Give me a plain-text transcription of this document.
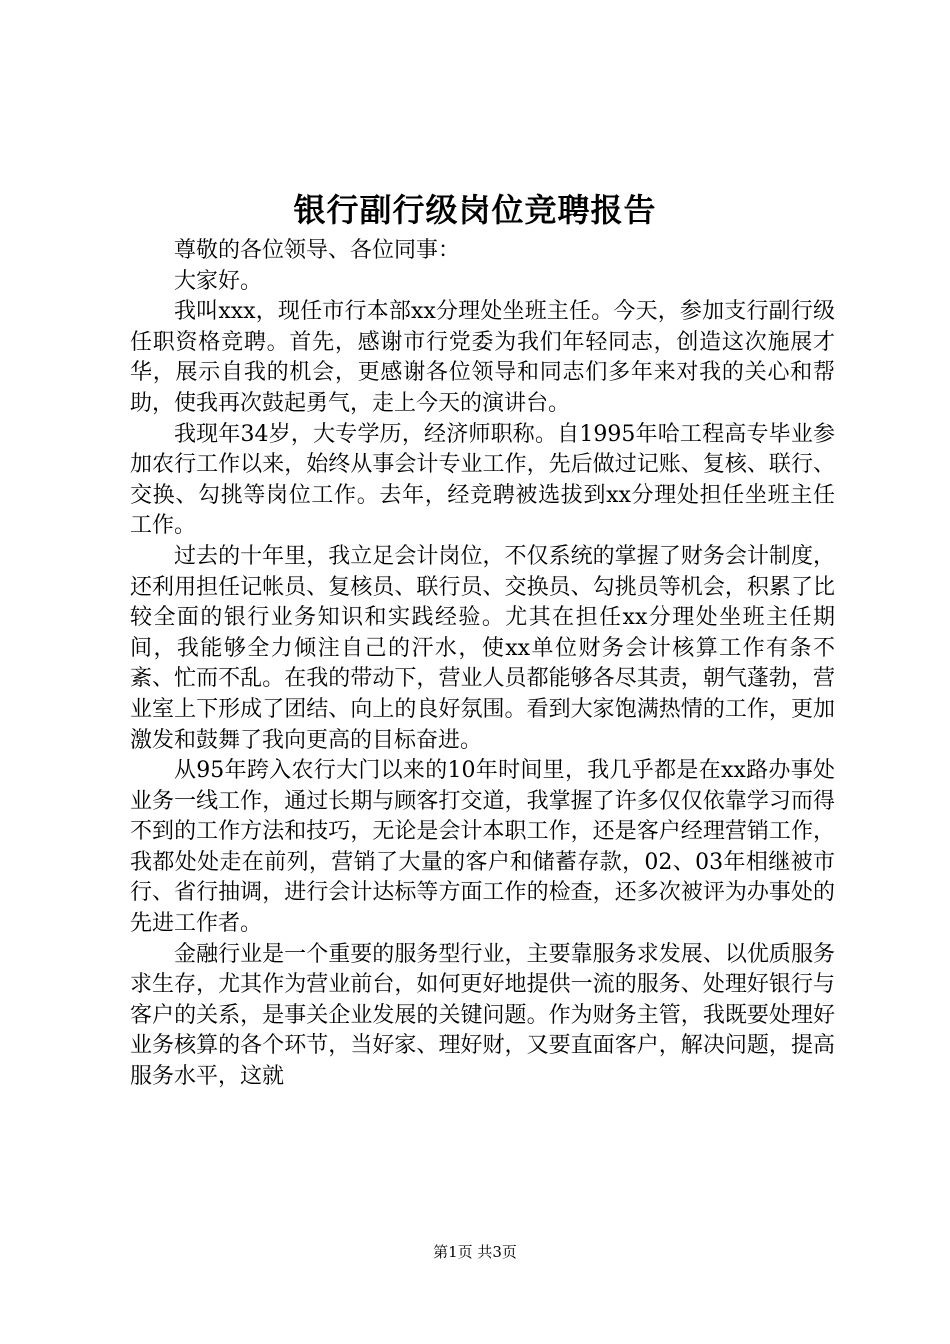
银行副行级岗位竞聘报告

尊敬的各位领导、各位同事：

大家好。

我叫xxx，现任市行本部xx分理处坐班主任。今天，参加支行副行级任职资格竞聘。首先，感谢市行党委为我们年轻同志，创造这次施展才华，展示自我的机会，更感谢各位领导和同志们多年来对我的关心和帮助，使我再次鼓起勇气，走上今天的演讲台。

我现年34岁，大专学历，经济师职称。自1995年哈工程高专毕业参加农行工作以来，始终从事会计专业工作，先后做过记账、复核、联行、交换、勾挑等岗位工作。去年，经竞聘被选拔到xx分理处担任坐班主任工作。

过去的十年里，我立足会计岗位，不仅系统的掌握了财务会计制度，还利用担任记帐员、复核员、联行员、交换员、勾挑员等机会，积累了比较全面的银行业务知识和实践经验。尤其在担任xx分理处坐班主任期间，我能够全力倾注自己的汗水，使xx单位财务会计核算工作有条不紊、忙而不乱。在我的带动下，营业人员都能够各尽其责，朝气蓬勃，营业室上下形成了团结、向上的良好氛围。看到大家饱满热情的工作，更加激发和鼓舞了我向更高的目标奋进。

从95年跨入农行大门以来的10年时间里，我几乎都是在xx路办事处业务一线工作，通过长期与顾客打交道，我掌握了许多仅仅依靠学习而得不到的工作方法和技巧，无论是会计本职工作，还是客户经理营销工作，我都处处走在前列，营销了大量的客户和储蓄存款，02、03年相继被市行、省行抽调，进行会计达标等方面工作的检查，还多次被评为办事处的先进工作者。

金融行业是一个重要的服务型行业，主要靠服务求发展、以优质服务求生存，尤其作为营业前台，如何更好地提供一流的服务、处理好银行与客户的关系，是事关企业发展的关键问题。作为财务主管，我既要处理好业务核算的各个环节，当好家、理好财，又要直面客户，解决问题，提高服务水平，这就

第1页 共3页
